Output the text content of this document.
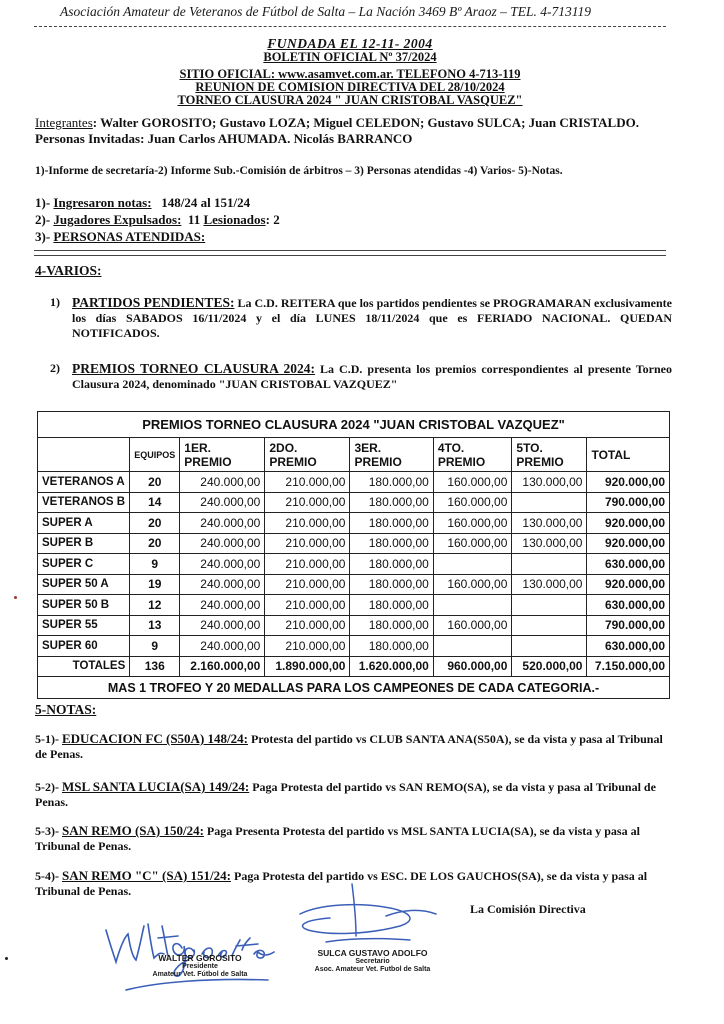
Asociación Amateur de Veteranos de Fútbol de Salta – La Nación 3469 Bº Araoz – TEL. 4-713119
FUNDADA EL 12-11- 2004
BOLETIN OFICIAL Nº 37/2024
SITIO OFICIAL: www.asamvet.com.ar. TELEFONO 4-713-119
REUNION DE COMISION DIRECTIVA DEL 28/10/2024
TORNEO CLAUSURA 2024 " JUAN CRISTOBAL VASQUEZ"
Integrantes: Walter GOROSITO; Gustavo LOZA; Miguel CELEDON; Gustavo SULCA; Juan CRISTALDO. Personas Invitadas: Juan Carlos AHUMADA. Nicolás BARRANCO
1)-Informe de secretaría-2) Informe Sub.-Comisión de árbitros – 3) Personas atendidas -4) Varios- 5)-Notas.
1)- Ingresaron notas: 148/24 al 151/24
2)- Jugadores Expulsados: 11 Lesionados: 2
3)- PERSONAS ATENDIDAS:
4-VARIOS:
1) PARTIDOS PENDIENTES: La C.D. REITERA que los partidos pendientes se PROGRAMARAN exclusivamente los días SABADOS 16/11/2024 y el día LUNES 18/11/2024 que es FERIADO NACIONAL. QUEDAN NOTIFICADOS.
2) PREMIOS TORNEO CLAUSURA 2024: La C.D. presenta los premios correspondientes al presente Torneo Clausura 2024, denominado "JUAN CRISTOBAL VAZQUEZ"
PREMIOS TORNEO CLAUSURA 2024 "JUAN CRISTOBAL VAZQUEZ"							
	EQUIPOS	1ER. PREMIO	2DO. PREMIO	3ER. PREMIO	4TO. PREMIO	5TO. PREMIO	TOTAL
VETERANOS A	20	240.000,00	210.000,00	180.000,00	160.000,00	130.000,00	920.000,00
VETERANOS B	14	240.000,00	210.000,00	180.000,00	160.000,00		790.000,00
SUPER A	20	240.000,00	210.000,00	180.000,00	160.000,00	130.000,00	920.000,00
SUPER B	20	240.000,00	210.000,00	180.000,00	160.000,00	130.000,00	920.000,00
SUPER C	9	240.000,00	210.000,00	180.000,00			630.000,00
SUPER 50 A	19	240.000,00	210.000,00	180.000,00	160.000,00	130.000,00	920.000,00
SUPER 50 B	12	240.000,00	210.000,00	180.000,00			630.000,00
SUPER 55	13	240.000,00	210.000,00	180.000,00	160.000,00		790.000,00
SUPER 60	9	240.000,00	210.000,00	180.000,00			630.000,00
TOTALES	136	2.160.000,00	1.890.000,00	1.620.000,00	960.000,00	520.000,00	7.150.000,00
MAS 1 TROFEO Y 20 MEDALLAS PARA LOS CAMPEONES DE CADA CATEGORIA.-							
5-NOTAS:
5-1)- EDUCACION FC (S50A) 148/24: Protesta del partido vs CLUB SANTA ANA(S50A), se da vista y pasa al Tribunal de Penas.
5-2)- MSL SANTA LUCIA(SA) 149/24: Paga Protesta del partido vs SAN REMO(SA), se da vista y pasa al Tribunal de Penas.
5-3)- SAN REMO (SA) 150/24: Paga Presenta Protesta del partido vs MSL SANTA LUCIA(SA), se da vista y pasa al Tribunal de Penas.
5-4)- SAN REMO "C" (SA) 151/24: Paga Protesta del partido vs ESC. DE LOS GAUCHOS(SA), se da vista y pasa al Tribunal de Penas.
La Comisión Directiva
WALTER GOROSITO
Presidente
Amateur Vet. Fútbol de Salta
SULCA GUSTAVO ADOLFO
Secretario
Asoc. Amateur Vet. Futbol de Salta
